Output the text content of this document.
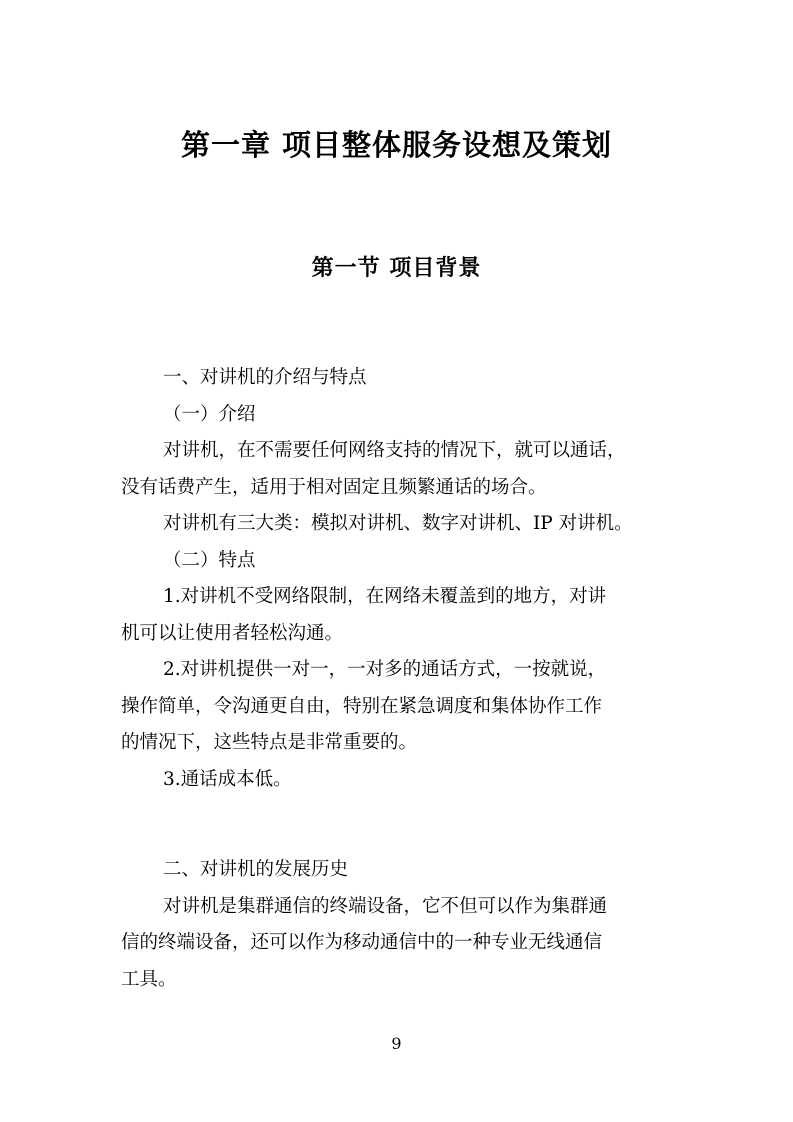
第一章 项目整体服务设想及策划
第一节 项目背景

一、对讲机的介绍与特点

（一）介绍

对讲机，在不需要任何网络支持的情况下，就可以通话，

没有话费产生，适用于相对固定且频繁通话的场合。

对讲机有三大类：模拟对讲机、数字对讲机、IP 对讲机。

（二）特点

1.对讲机不受网络限制，在网络未覆盖到的地方，对讲

机可以让使用者轻松沟通。

2.对讲机提供一对一，一对多的通话方式，一按就说，

操作简单，令沟通更自由，特别在紧急调度和集体协作工作

的情况下，这些特点是非常重要的。

3.通话成本低。

二、对讲机的发展历史

对讲机是集群通信的终端设备，它不但可以作为集群通

信的终端设备，还可以作为移动通信中的一种专业无线通信

工具。

9
